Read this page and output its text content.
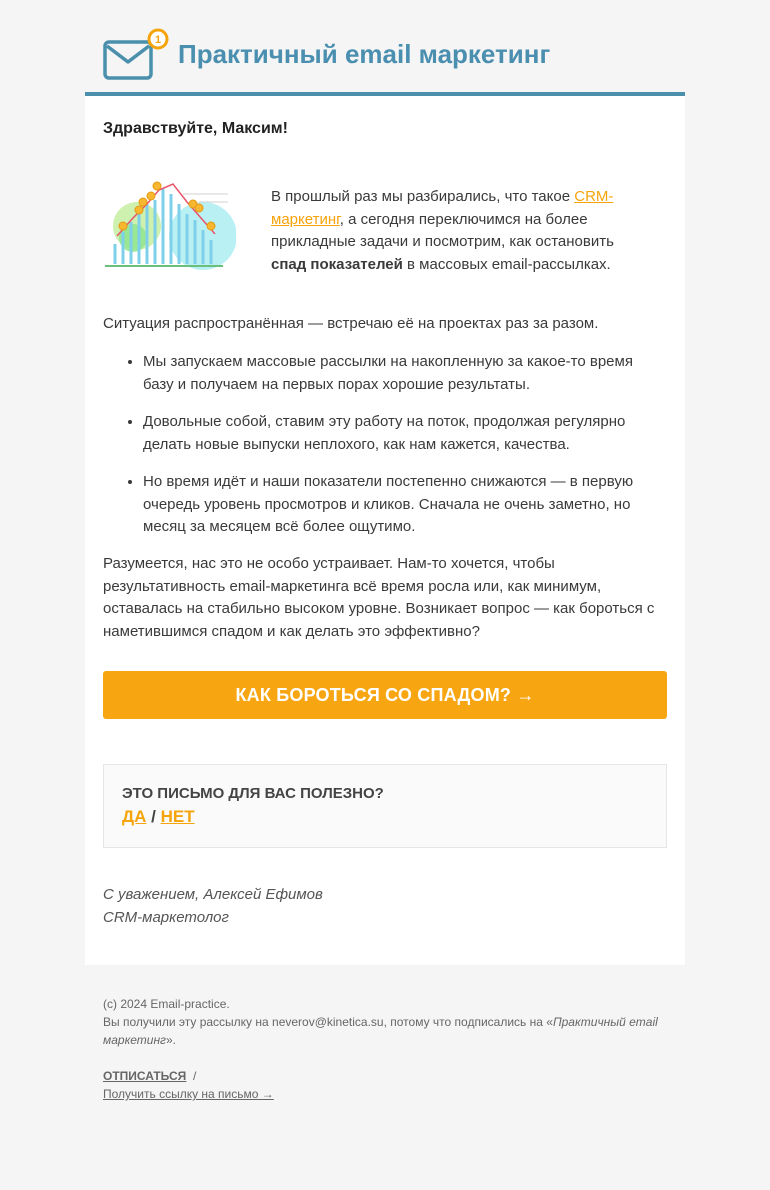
1 Практичный email маркетинг

Здравствуйте, Максим!

В прошлый раз мы разбирались, что такое CRM-маркетинг, а сегодня переключимся на более прикладные задачи и посмотрим, как остановить спад показателей в массовых email-рассылках.

Ситуация распространённая — встречаю её на проектах раз за разом.

• Мы запускаем массовые рассылки на накопленную за какое-то время базу и получаем на первых порах хорошие результаты.
• Довольные собой, ставим эту работу на поток, продолжая регулярно делать новые выпуски неплохого, как нам кажется, качества.
• Но время идёт и наши показатели постепенно снижаются — в первую очередь уровень просмотров и кликов. Сначала не очень заметно, но месяц за месяцем всё более ощутимо.

Разумеется, нас это не особо устраивает. Нам-то хочется, чтобы результативность email-маркетинга всё время росла или, как минимум, оставалась на стабильно высоком уровне. Возникает вопрос — как бороться с наметившимся спадом и как делать это эффективно?

КАК БОРОТЬСЯ СО СПАДОМ? →

ЭТО ПИСЬМО ДЛЯ ВАС ПОЛЕЗНО?

ДА / НЕТ

С уважением, Алексей Ефимов
CRM-маркетолог

(c) 2024 Email-practice.

Вы получили эту рассылку на neverov@kinetica.su, потому что подписались на «Практичный email маркетинг».

ОТПИСАТЬСЯ /

Получить ссылку на письмо →
